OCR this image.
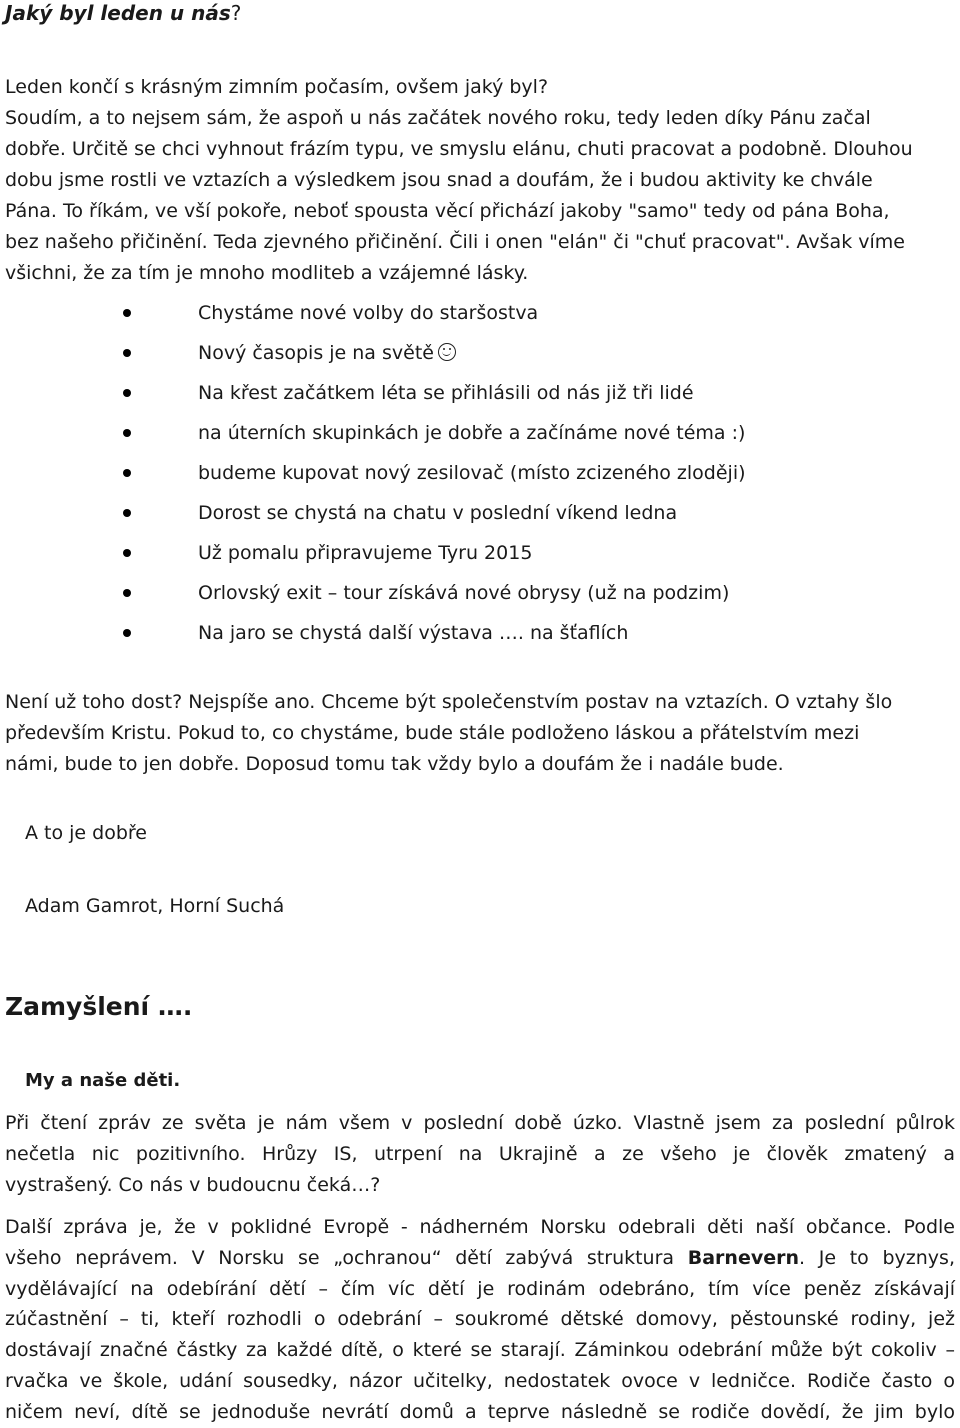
Jaký byl leden u nás?
Leden končí s krásným zimním počasím, ovšem jaký byl?
Soudím, a to nejsem sám, že aspoň u nás začátek nového roku, tedy leden díky Pánu začal
dobře. Určitě se chci vyhnout frázím typu, ve smyslu elánu, chuti pracovat a podobně. Dlouhou
dobu jsme rostli ve vztazích a výsledkem jsou snad a doufám, že i budou aktivity ke chvále
Pána. To říkám, ve vší pokoře, neboť spousta věcí přichází jakoby "samo" tedy od pána Boha,
bez našeho přičinění. Teda zjevného přičinění. Čili i onen "elán" či "chuť pracovat". Avšak víme
všichni, že za tím je mnoho modliteb a vzájemné lásky.
Chystáme nové volby do staršostva
Nový časopis je na světě
Na křest začátkem léta se přihlásili od nás již tři lidé
na úterních skupinkách je dobře a začínáme nové téma :)
budeme kupovat nový zesilovač (místo zcizeného zloději)
Dorost se chystá na chatu v poslední víkend ledna
Už pomalu připravujeme Tyru 2015
Orlovský exit – tour získává nové obrysy (už na podzim)
Na jaro se chystá další výstava …. na šťaflích
Není už toho dost? Nejspíše ano. Chceme být společenstvím postav na vztazích. O vztahy šlo
především Kristu. Pokud to, co chystáme, bude stále podloženo láskou a přátelstvím mezi
námi, bude to jen dobře. Doposud tomu tak vždy bylo a doufám že i nadále bude.
A to je dobře
Adam Gamrot, Horní Suchá
Zamyšlení ….
My a naše děti.
Při čtení zpráv ze světa je nám všem v poslední době úzko. Vlastně jsem za poslední půlrok
nečetla nic pozitivního. Hrůzy IS, utrpení na Ukrajině a ze všeho je člověk zmatený a
vystrašený. Co nás v budoucnu čeká…?
Další zpráva je, že v poklidné Evropě - nádherném Norsku odebrali děti naší občance. Podle
všeho neprávem. V Norsku se „ochranou“ dětí zabývá struktura Barnevern. Je to byznys,
vydělávající na odebírání dětí – čím víc dětí je rodinám odebráno, tím více peněz získávají
zúčastnění – ti, kteří rozhodli o odebrání – soukromé dětské domovy, pěstounské rodiny, jež
dostávají značné částky za každé dítě, o které se starají. Záminkou odebrání může být cokoliv –
rvačka ve škole, udání sousedky, názor učitelky, nedostatek ovoce v ledničce. Rodiče často o
ničem neví, dítě se jednoduše nevrátí domů a teprve následně se rodiče dovědí, že jim bylo
